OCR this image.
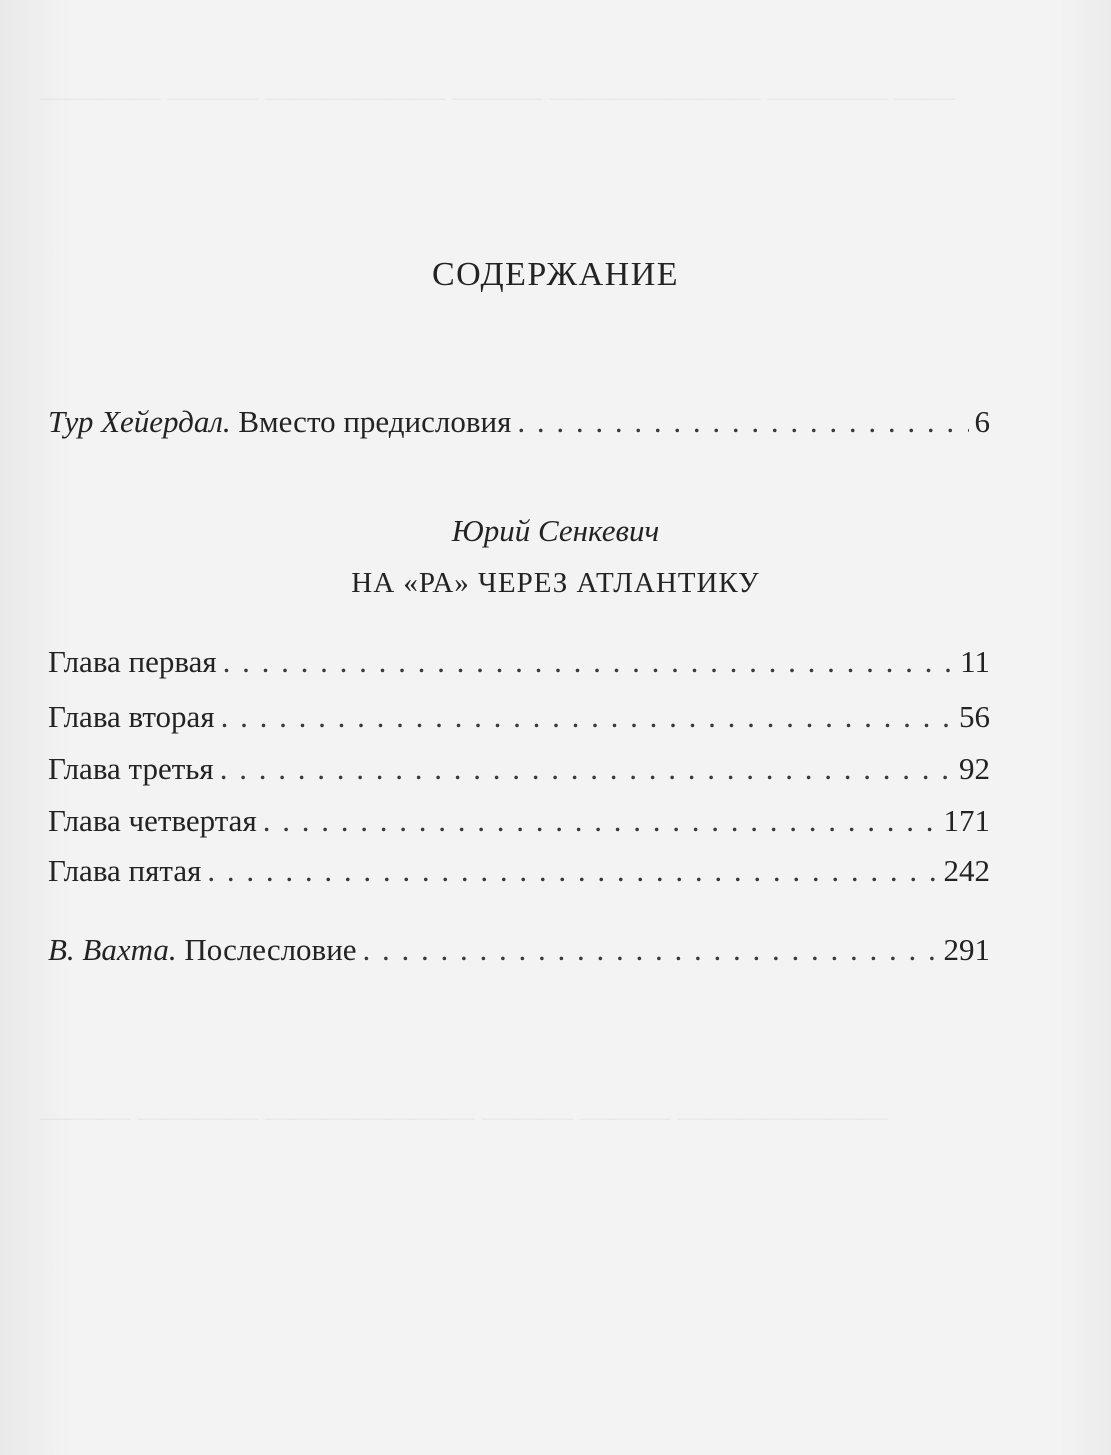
———— ——— —————— ——— ——————— ———— ——
——— ———— ——————— ——— ——— ———————
СОДЕРЖАНИЕ
Тур Хейердал. Вместо предисловия . . .	6
Юрий Сенкевич
НА «РА» ЧЕРЕЗ АТЛАНТИКУ
Глава первая . . .	11
Глава вторая . . .	56
Глава третья . . .	92
Глава четвертая . . .	171
Глава пятая . . .	242
В. Вахта. Послесловие . . .	291
